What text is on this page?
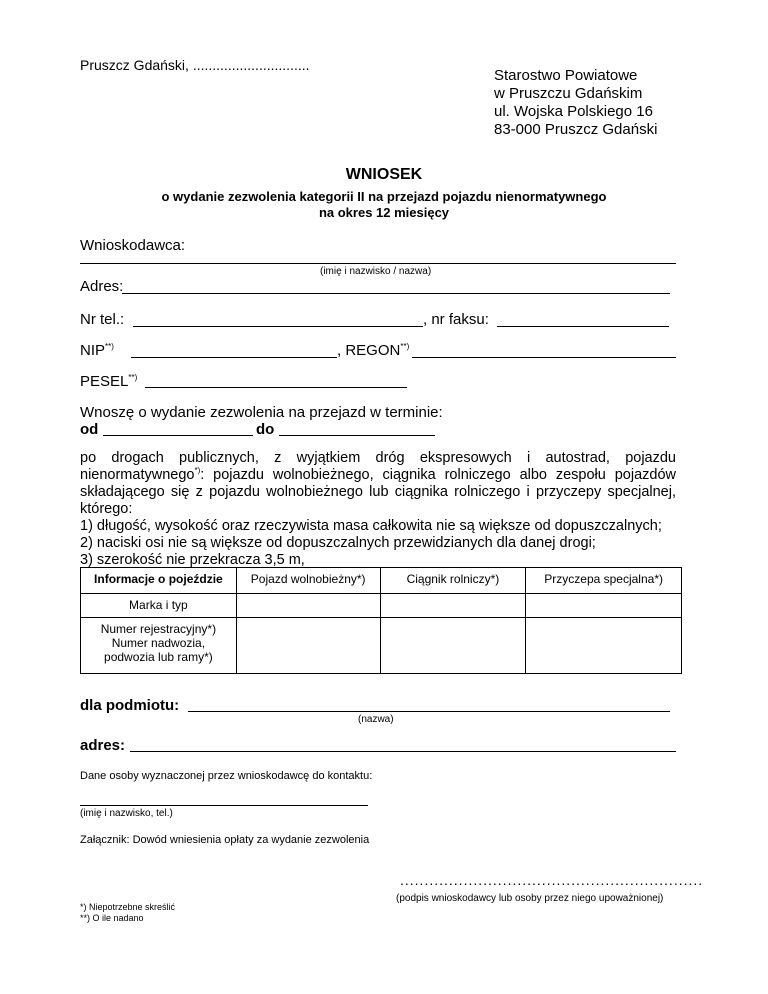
Pruszcz Gdański, ..............................
Starostwo Powiatowe
w Pruszczu Gdańskim
ul. Wojska Polskiego 16
83-000 Pruszcz Gdański
WNIOSEK
o wydanie zezwolenia kategorii II na przejazd pojazdu nienormatywnego
na okres 12 miesięcy
Wnioskodawca:
(imię i nazwisko / nazwa)
Adres:
Nr tel.:	, nr faksu:
NIP**)	, REGON**)
PESEL**)
Wnoszę o wydanie zezwolenia na przejazd w terminie:
od	do
po drogach publicznych, z wyjątkiem dróg ekspresowych i autostrad, pojazdu
nienormatywnego*): pojazdu wolnobieżnego, ciągnika rolniczego albo zespołu pojazdów
składającego się z pojazdu wolnobieżnego lub ciągnika rolniczego i przyczepy specjalnej,
którego:
1) długość, wysokość oraz rzeczywista masa całkowita nie są większe od dopuszczalnych;
2) naciski osi nie są większe od dopuszczalnych przewidzianych dla danej drogi;
3) szerokość nie przekracza 3,5 m,
Informacje o pojeździe	Pojazd wolnobieżny*)	Ciągnik rolniczy*)	Przyczepa specjalna*)
Marka i typ			

Numer rejestracyjny*)
Numer nadwozia,
podwozia lub ramy*)			

dla podmiotu:
(nazwa)
adres:
Dane osoby wyznaczonej przez wnioskodawcę do kontaktu:
(imię i nazwisko, tel.)
Załącznik: Dowód wniesienia opłaty za wydanie zezwolenia
..............................................................
(podpis wnioskodawcy lub osoby przez niego upoważnionej)
*) Niepotrzebne skreślić
**) O ile nadano
